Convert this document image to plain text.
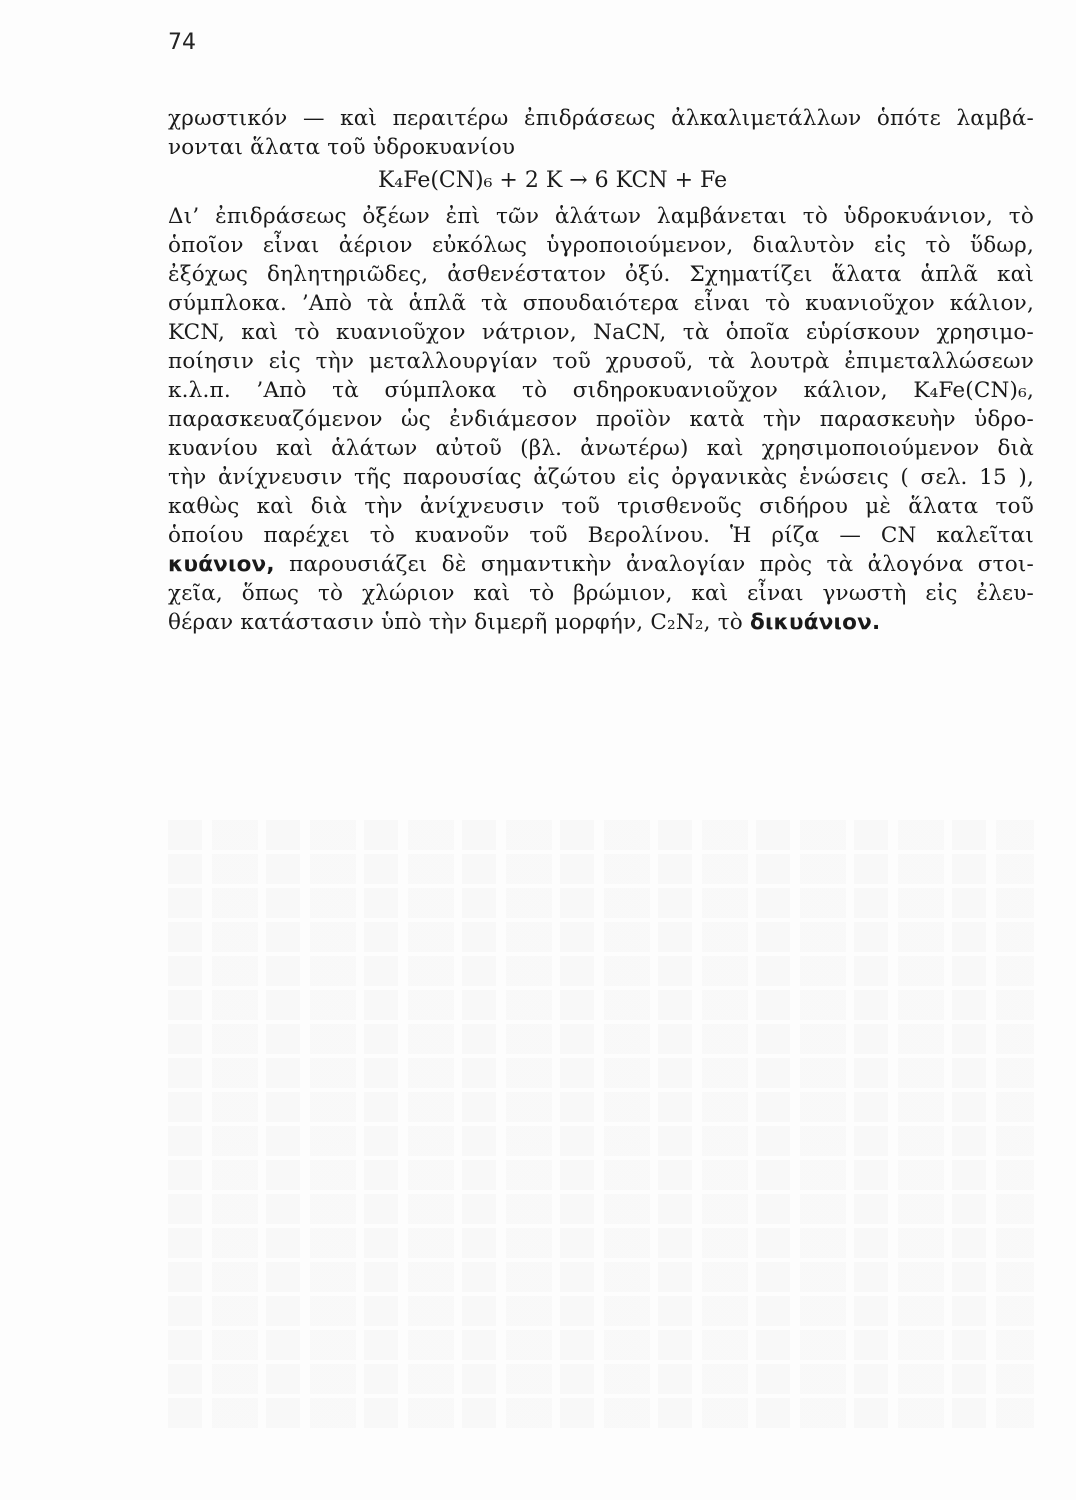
74
χρωστικόν — καὶ περαιτέρω ἐπιδράσεως ἀλκαλιμετάλλων ὁπότε λαμβά-
νονται ἅλατα τοῦ ὑδροκυανίου
K₄Fe(CN)₆ + 2 K → 6 KCN + Fe
Δι’ ἐπιδράσεως ὀξέων ἐπὶ τῶν ἁλάτων λαμβάνεται τὸ ὑδροκυάνιον, τὸ
ὁποῖον εἶναι ἀέριον εὐκόλως ὑγροποιούμενον, διαλυτὸν εἰς τὸ ὕδωρ,
ἐξόχως δηλητηριῶδες, ἀσθενέστατον ὀξύ. Σχηματίζει ἅλατα ἁπλᾶ καὶ
σύμπλοκα. ’Απὸ τὰ ἁπλᾶ τὰ σπουδαιότερα εἶναι τὸ κυανιοῦχον κάλιον,
KCN, καὶ τὸ κυανιοῦχον νάτριον, NaCN, τὰ ὁποῖα εὑρίσκουν χρησιμο-
ποίησιν εἰς τὴν μεταλλουργίαν τοῦ χρυσοῦ, τὰ λουτρὰ ἐπιμεταλλώσεων
κ.λ.π. ’Απὸ τὰ σύμπλοκα τὸ σιδηροκυανιοῦχον κάλιον, K₄Fe(CN)₆,
παρασκευαζόμενον ὡς ἐνδιάμεσον προϊὸν κατὰ τὴν παρασκευὴν ὑδρο-
κυανίου καὶ ἁλάτων αὐτοῦ (βλ. ἀνωτέρω) καὶ χρησιμοποιούμενον διὰ
τὴν ἀνίχνευσιν τῆς παρουσίας ἀζώτου εἰς ὀργανικὰς ἑνώσεις ( σελ. 15 ),
καθὼς καὶ διὰ τὴν ἀνίχνευσιν τοῦ τρισθενοῦς σιδήρου μὲ ἅλατα τοῦ
ὁποίου παρέχει τὸ κυανοῦν τοῦ Βερολίνου. Ἡ ρίζα — CN καλεῖται
κυάνιον, παρουσιάζει δὲ σημαντικὴν ἀναλογίαν πρὸς τὰ ἀλογόνα στοι-
χεῖα, ὅπως τὸ χλώριον καὶ τὸ βρώμιον, καὶ εἶναι γνωστὴ εἰς ἐλευ-
θέραν κατάστασιν ὑπὸ τὴν διμερῆ μορφήν, C₂N₂, τὸ δικυάνιον.
